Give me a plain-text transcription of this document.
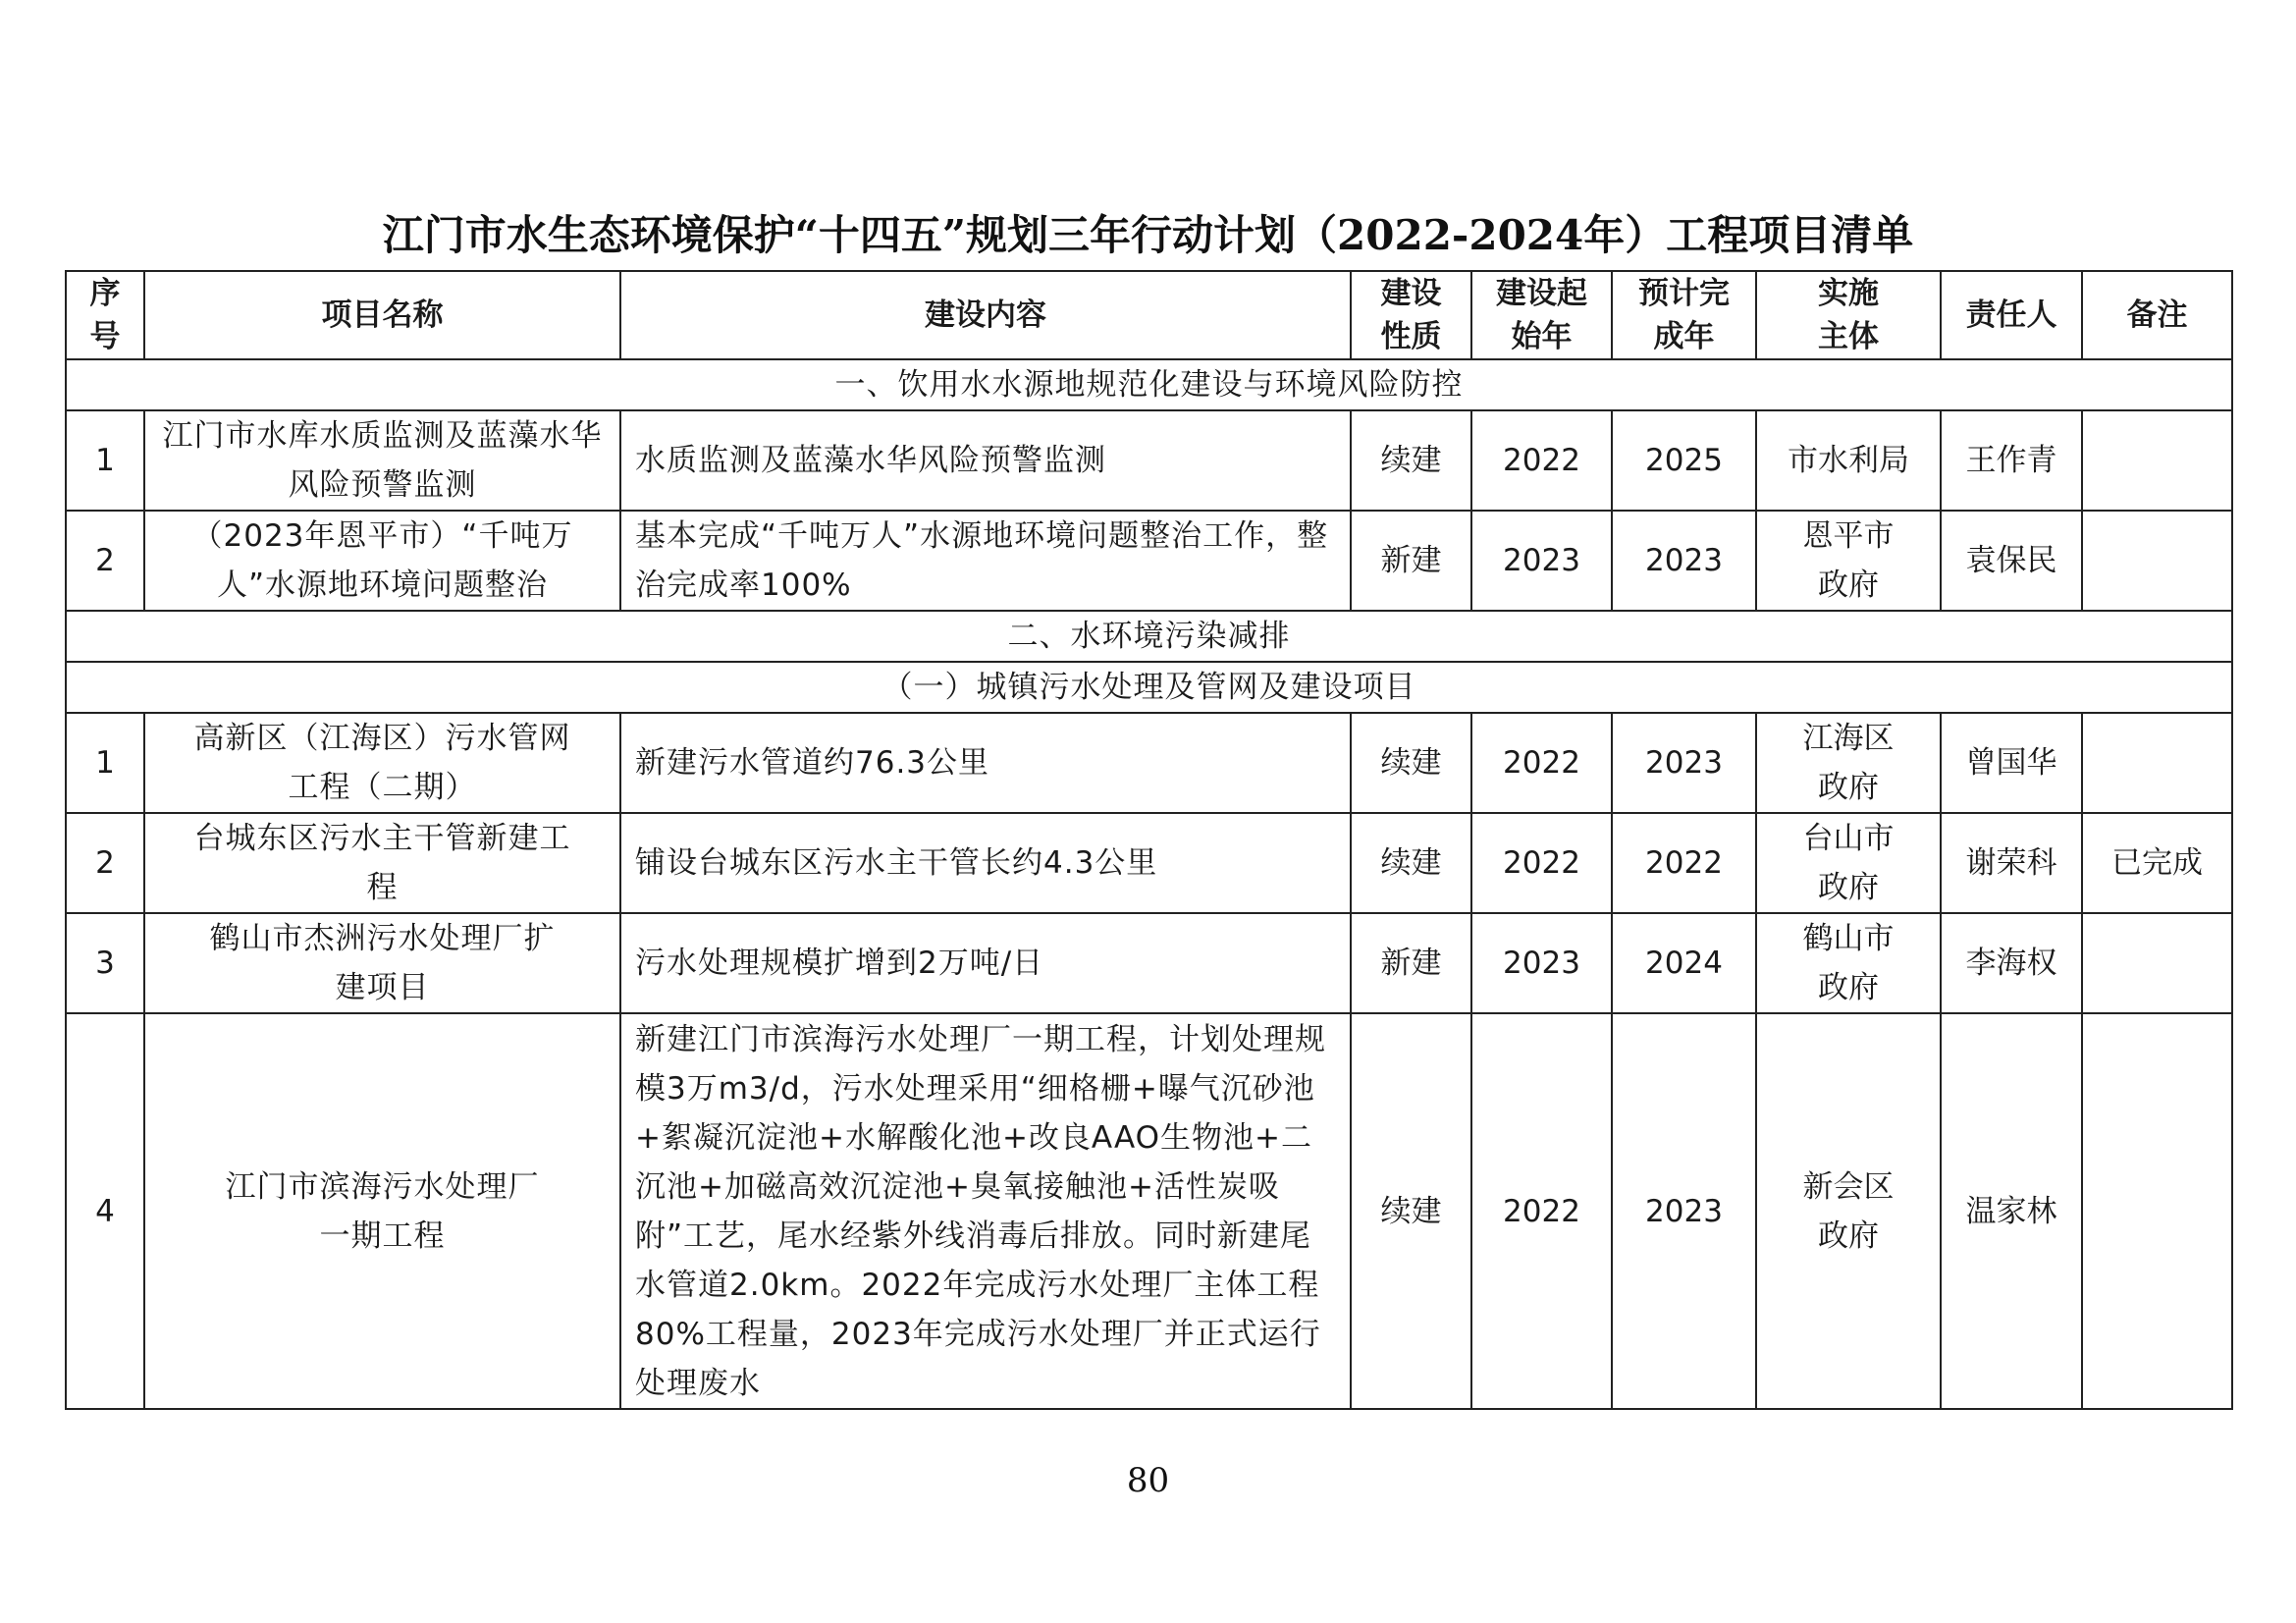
江门市水生态环境保护“十四五”规划三年行动计划（2022-2024年）工程项目清单
序号	项目名称	建设内容	建设性质	建设起始年	预计完成年	实施主体	责任人	备注
一、饮用水水源地规范化建设与环境风险防控								
1	江门市水库水质监测及蓝藻水华风险预警监测	水质监测及蓝藻水华风险预警监测	续建	2022	2025	市水利局	王作青	
2	（2023年恩平市）“千吨万人”水源地环境问题整治	基本完成“千吨万人”水源地环境问题整治工作，整治完成率100%	新建	2023	2023	恩平市政府	袁保民	
二、水环境污染减排								
（一）城镇污水处理及管网及建设项目								
1	高新区（江海区）污水管网工程（二期）	新建污水管道约76.3公里	续建	2022	2023	江海区政府	曾国华	
2	台城东区污水主干管新建工程	铺设台城东区污水主干管长约4.3公里	续建	2022	2022	台山市政府	谢荣科	已完成
3	鹤山市杰洲污水处理厂扩建项目	污水处理规模扩增到2万吨/日	新建	2023	2024	鹤山市政府	李海权	
4	江门市滨海污水处理厂一期工程	新建江门市滨海污水处理厂一期工程，计划处理规模3万m3/d，污水处理采用“细格栅+曝气沉砂池+絮凝沉淀池+水解酸化池+改良AAO生物池+二沉池+加磁高效沉淀池+臭氧接触池+活性炭吸附”工艺，尾水经紫外线消毒后排放。同时新建尾水管道2.0km。2022年完成污水处理厂主体工程80%工程量，2023年完成污水处理厂并正式运行处理废水	续建	2022	2023	新会区政府	温家林	
80
